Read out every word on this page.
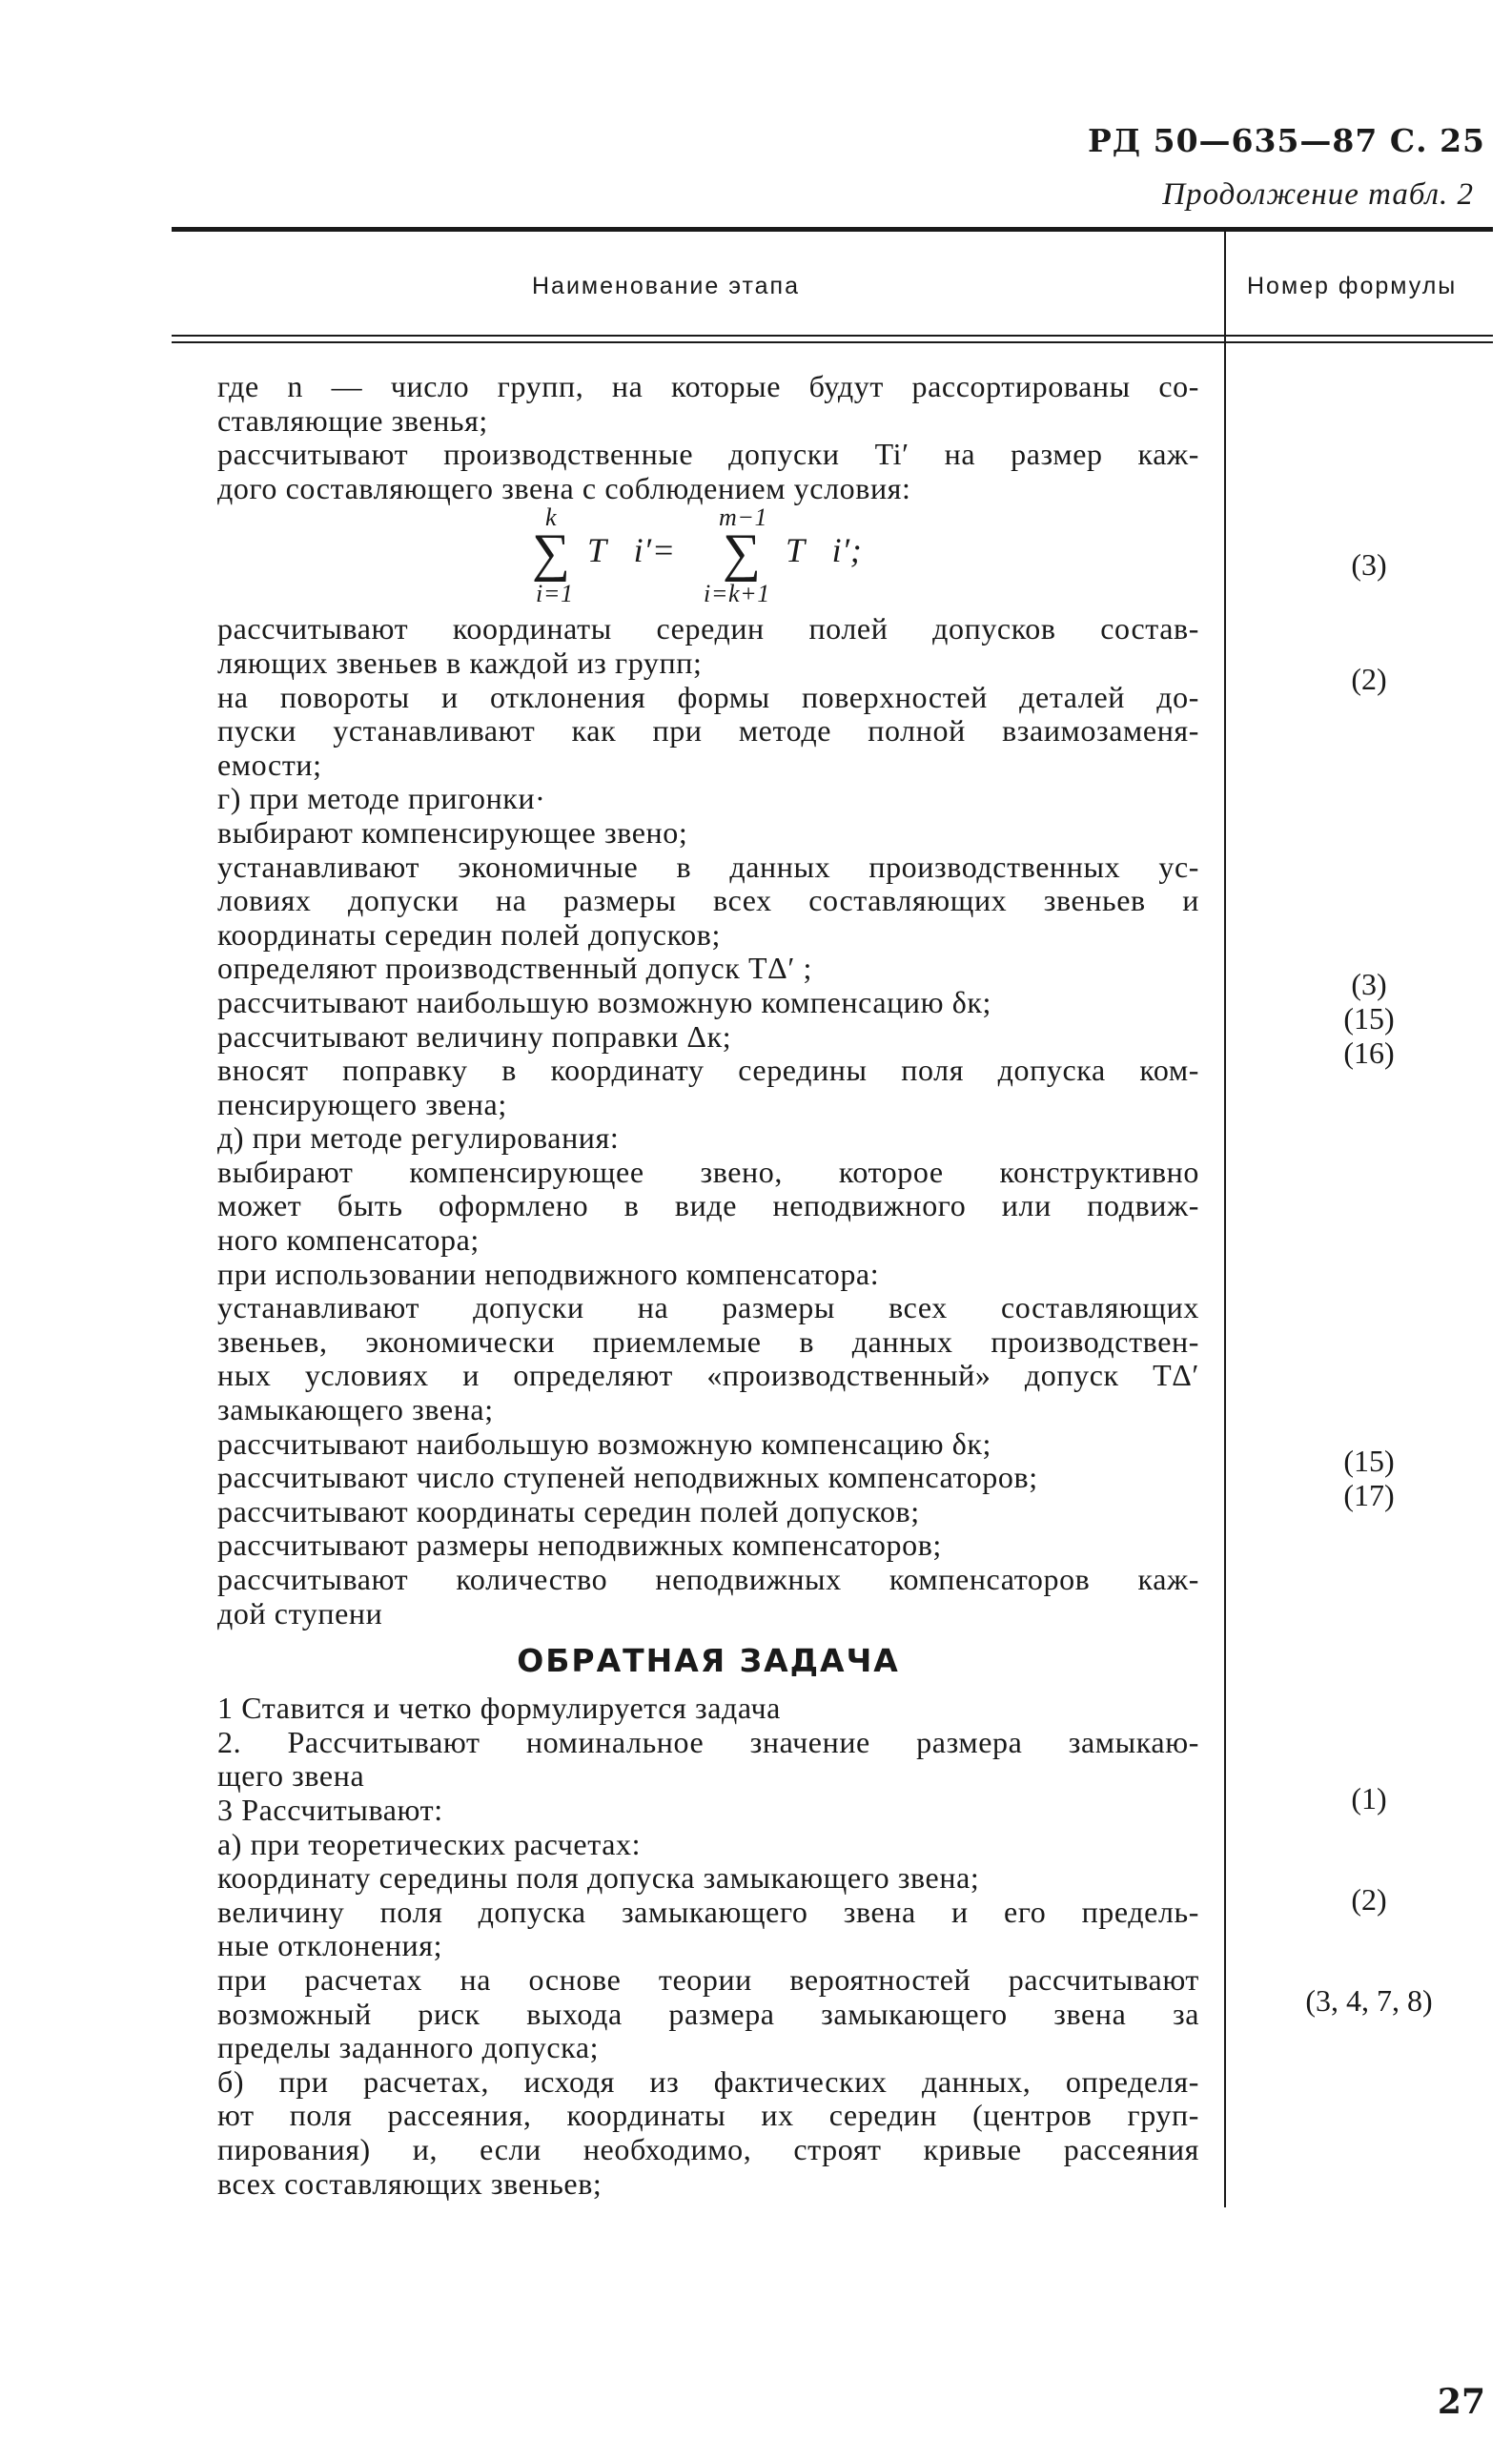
РД 50—635—87 С. 25
Продолжение табл. 2
Наименование этапа	Номер формулы
где n — число групп, на которые будут рассортированы со-
ставляющие звенья;
рассчитывают производственные допуски Ti′ на размер каж-
дого составляющего звена с соблюдением условия:
k
∑
i=1
T⃗i′=
m−1
∑
i=k+1
T⃖i′;
рассчитывают координаты середин полей допусков состав-
ляющих звеньев в каждой из групп;
на повороты и отклонения формы поверхностей деталей до-
пуски устанавливают как при методе полной взаимозаменя-
емости;
г) при методе пригонки·
выбирают компенсирующее звено;
устанавливают экономичные в данных производственных ус-
ловиях допуски на размеры всех составляющих звеньев и
координаты середин полей допусков;
определяют производственный допуск TΔ′ ;
рассчитывают наибольшую возможную компенсацию δк;
рассчитывают величину поправки Δк;
вносят поправку в координату середины поля допуска ком-
пенсирующего звена;
д) при методе регулирования:
выбирают компенсирующее звено, которое конструктивно
может быть оформлено в виде неподвижного или подвиж-
ного компенсатора;
при использовании неподвижного компенсатора:
устанавливают допуски на размеры всех составляющих
звеньев, экономически приемлемые в данных производствен-
ных условиях и определяют «производственный» допуск TΔ′
замыкающего звена;
рассчитывают наибольшую возможную компенсацию δк;
рассчитывают число ступеней неподвижных компенсаторов;
рассчитывают координаты середин полей допусков;
рассчитывают размеры неподвижных компенсаторов;
рассчитывают количество неподвижных компенсаторов каж-
дой ступени
ОБРАТНАЯ ЗАДАЧА
1 Ставится и четко формулируется задача
2. Рассчитывают номинальное значение размера замыкаю-
щего звена
3 Рассчитывают:
а) при теоретических расчетах:
координату середины поля допуска замыкающего звена;
величину поля допуска замыкающего звена и его предель-
ные отклонения;
при расчетах на основе теории вероятностей рассчитывают
возможный риск выхода размера замыкающего звена за
пределы заданного допуска;
б) при расчетах, исходя из фактических данных, определя-
ют поля рассеяния, координаты их середин (центров груп-
пирования) и, если необходимо, строят кривые рассеяния
всех составляющих звеньев;
(3)
(2)
(3)
(15)
(16)
(15)
(17)
(1)
(2)
(3, 4, 7, 8)
27
